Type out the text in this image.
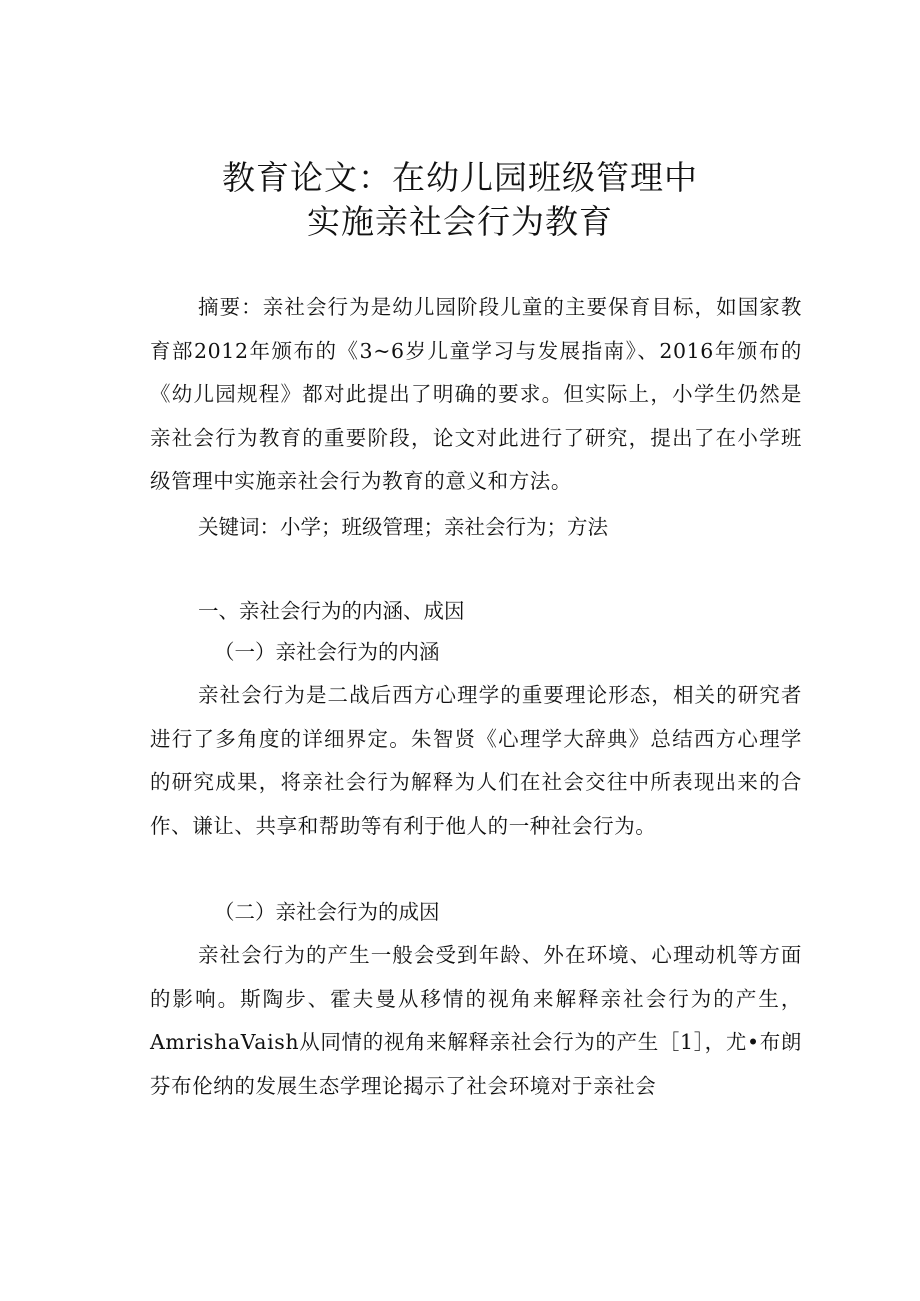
教育论文：在幼儿园班级管理中
实施亲社会行为教育
摘要：亲社会行为是幼儿园阶段儿童的主要保育目标，如国家教育部2012年颁布的《3~6岁儿童学习与发展指南》、2016年颁布的《幼儿园规程》都对此提出了明确的要求。但实际上，小学生仍然是亲社会行为教育的重要阶段，论文对此进行了研究，提出了在小学班级管理中实施亲社会行为教育的意义和方法。
关键词：小学；班级管理；亲社会行为；方法
一、亲社会行为的内涵、成因
（一）亲社会行为的内涵
亲社会行为是二战后西方心理学的重要理论形态，相关的研究者进行了多角度的详细界定。朱智贤《心理学大辞典》总结西方心理学的研究成果，将亲社会行为解释为人们在社会交往中所表现出来的合作、谦让、共享和帮助等有利于他人的一种社会行为。
（二）亲社会行为的成因
亲社会行为的产生一般会受到年龄、外在环境、心理动机等方面的影响。斯陶步、霍夫曼从移情的视角来解释亲社会行为的产生，AmrishaVaish从同情的视角来解释亲社会行为的产生［1］，尤•布朗芬布伦纳的发展生态学理论揭示了社会环境对于亲社会
